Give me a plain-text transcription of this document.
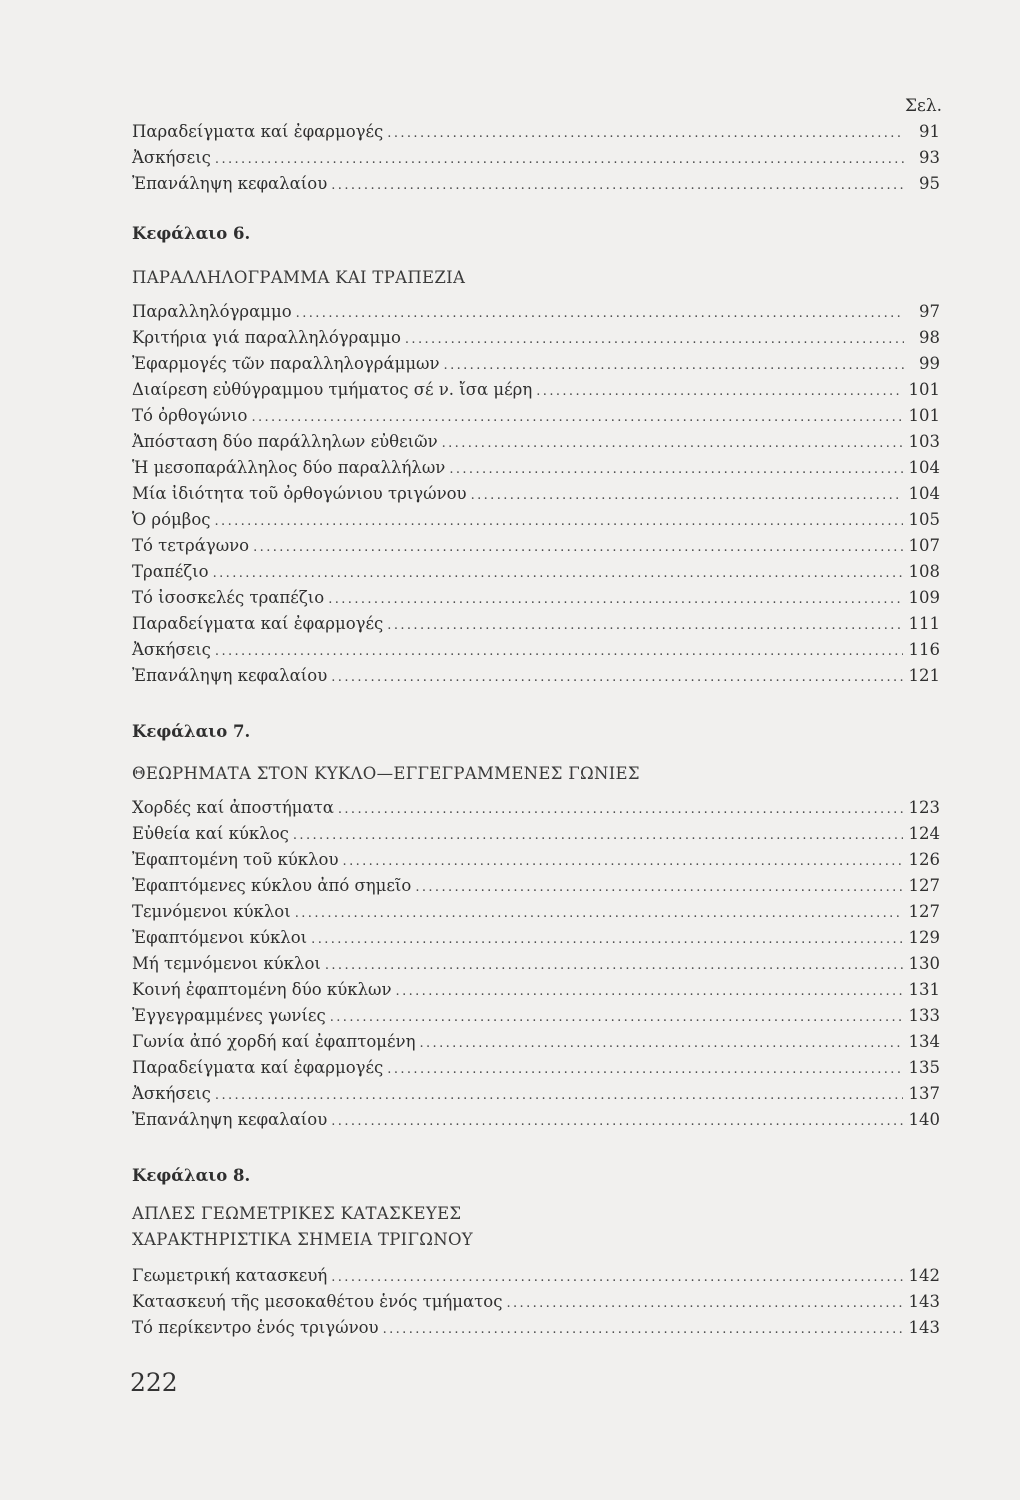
Σελ.
Παραδείγματα καί ἐφαρμογές .....	91
Ἀσκήσεις .....	93
Ἐπανάληψη κεφαλαίου .....	95
Κεφάλαιο 6.
ΠΑΡΑΛΛΗΛΟΓΡΑΜΜΑ ΚΑΙ ΤΡΑΠΕΖΙΑ
Παραλληλόγραμμο .....	97
Κριτήρια γιά παραλληλόγραμμο .....	98
Ἐφαρμογές τῶν παραλληλογράμμων .....	99
Διαίρεση εὐθύγραμμου τμήματος σέ ν. ἴσα μέρη .....	101
Τό ὀρθογώνιο .....	101
Ἀπόσταση δύο παράλληλων εὐθειῶν .....	103
Ἡ μεσοπαράλληλος δύο παραλλήλων .....	104
Μία ἰδιότητα τοῦ ὀρθογώνιου τριγώνου .....	104
Ὁ ρόμβος .....	105
Τό τετράγωνο .....	107
Τραπέζιο .....	108
Τό ἰσοσκελές τραπέζιο .....	109
Παραδείγματα καί ἐφαρμογές .....	111
Ἀσκήσεις .....	116
Ἐπανάληψη κεφαλαίου .....	121
Κεφάλαιο 7.
ΘΕΩΡΗΜΑΤΑ ΣΤΟΝ ΚΥΚΛΟ—ΕΓΓΕΓΡΑΜΜΕΝΕΣ ΓΩΝΙΕΣ
Χορδές καί ἀποστήματα .....	123
Εὐθεία καί κύκλος .....	124
Ἐφαπτομένη τοῦ κύκλου .....	126
Ἐφαπτόμενες κύκλου ἀπό σημεῖο .....	127
Τεμνόμενοι κύκλοι .....	127
Ἐφαπτόμενοι κύκλοι .....	129
Μή τεμνόμενοι κύκλοι .....	130
Κοινή ἐφαπτομένη δύο κύκλων .....	131
Ἐγγεγραμμένες γωνίες .....	133
Γωνία ἀπό χορδή καί ἐφαπτομένη .....	134
Παραδείγματα καί ἐφαρμογές .....	135
Ἀσκήσεις .....	137
Ἐπανάληψη κεφαλαίου .....	140
Κεφάλαιο 8.
ΑΠΛΕΣ ΓΕΩΜΕΤΡΙΚΕΣ ΚΑΤΑΣΚΕΥΕΣ
ΧΑΡΑΚΤΗΡΙΣΤΙΚΑ ΣΗΜΕΙΑ ΤΡΙΓΩΝΟΥ
Γεωμετρική κατασκευή .....	142
Κατασκευή τῆς μεσοκαθέτου ἑνός τμήματος .....	143
Τό περίκεντρο ἑνός τριγώνου .....	143
222
